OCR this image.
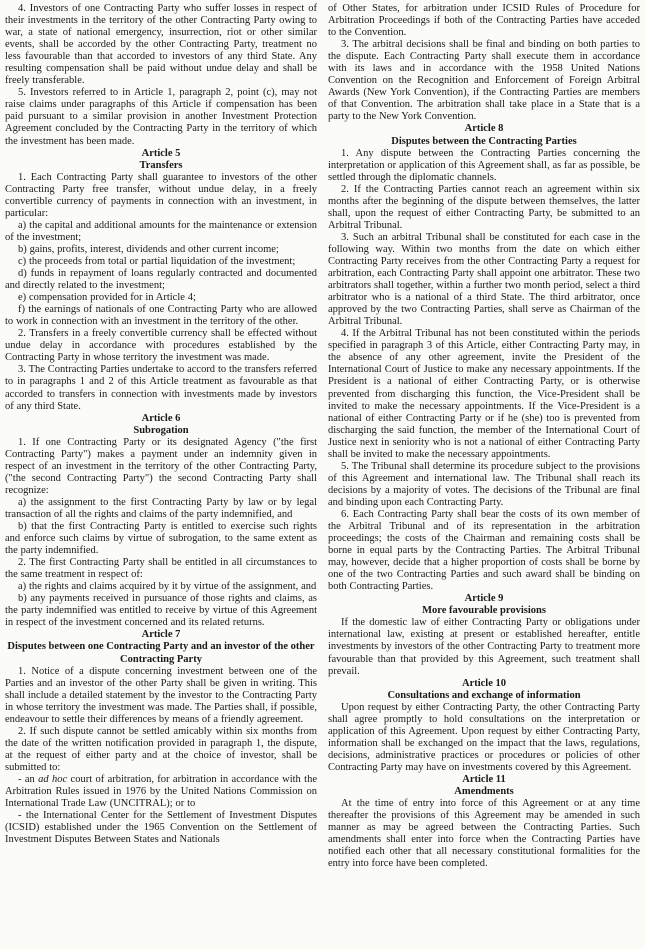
4. Investors of one Contracting Party who suffer losses in respect of their investments in the territory of the other Contracting Party owing to war, a state of national emergency, insurrection, riot or other similar events, shall be accorded by the other Contracting Party, treatment no less favourable than that accorded to investors of any third State. Any resulting compensation shall be paid without undue delay and shall be freely transferable.

5. Investors referred to in Article 1, paragraph 2, point (c), may not raise claims under paragraphs of this Article if compensation has been paid pursuant to a similar provision in another Investment Protection Agreement concluded by the Contracting Party in the territory of which the investment has been made.

Article 5
Transfers

1. Each Contracting Party shall guarantee to investors of the other Contracting Party free transfer, without undue delay, in a freely convertible currency of payments in connection with an investment, in particular:

a) the capital and additional amounts for the maintenance or extension of the investment;

b) gains, profits, interest, dividends and other current income;

c) the proceeds from total or partial liquidation of the investment;

d) funds in repayment of loans regularly contracted and documented and directly related to the investment;

e) compensation provided for in Article 4;

f) the earnings of nationals of one Contracting Party who are allowed to work in connection with an investment in the territory of the other.

2. Transfers in a freely convertible currency shall be effected without undue delay in accordance with procedures established by the Contracting Party in whose territory the investment was made.

3. The Contracting Parties undertake to accord to the transfers referred to in paragraphs 1 and 2 of this Article treatment as favourable as that accorded to transfers in connection with investments made by investors of any third State.

Article 6
Subrogation

1. If one Contracting Party or its designated Agency ("the first Contracting Party") makes a payment under an indemnity given in respect of an investment in the territory of the other Contracting Party, ("the second Contracting Party") the second Contracting Party shall recognize:

a) the assignment to the first Contracting Party by law or by legal transaction of all the rights and claims of the party indemnified, and

b) that the first Contracting Party is entitled to exercise such rights and enforce such claims by virtue of subrogation, to the same extent as the party indemnified.

2. The first Contracting Party shall be entitled in all circumstances to the same treatment in respect of:

a) the rights and claims acquired by it by virtue of the assignment, and

b) any payments received in pursuance of those rights and claims, as the party indemnified was entitled to receive by virtue of this Agreement in respect of the investment concerned and its related returns.

Article 7
Disputes between one Contracting Party and an investor of the other Contracting Party

1. Notice of a dispute concerning investment between one of the Parties and an investor of the other Party shall be given in writing. This shall include a detailed statement by the investor to the Contracting Party in whose territory the investment was made. The Parties shall, if possible, endeavour to settle their differences by means of a friendly agreement.

2. If such dispute cannot be settled amicably within six months from the date of the written notification provided in paragraph 1, the dispute, at the request of either party and at the choice of investor, shall be submitted to:

- an ad hoc court of arbitration, for arbitration in accordance with the Arbitration Rules issued in 1976 by the United Nations Commission on International Trade Law (UNCITRAL); or to

- the International Center for the Settlement of Investment Disputes (ICSID) established under the 1965 Convention on the Settlement of Investment Disputes Between States and Nationals

of Other States, for arbitration under ICSID Rules of Procedure for Arbitration Proceedings if both of the Contracting Parties have acceded to the Convention.

3. The arbitral decisions shall be final and binding on both parties to the dispute. Each Contracting Party shall execute them in accordance with its laws and in accordance with the 1958 United Nations Convention on the Recognition and Enforcement of Foreign Arbitral Awards (New York Convention), if the Contracting Parties are members of that Convention. The arbitration shall take place in a State that is a party to the New York Convention.

Article 8
Disputes between the Contracting Parties

1. Any dispute between the Contracting Parties concerning the interpretation or application of this Agreement shall, as far as possible, be settled through the diplomatic channels.

2. If the Contracting Parties cannot reach an agreement within six months after the beginning of the dispute between themselves, the latter shall, upon the request of either Contracting Party, be submitted to an Arbitral Tribunal.

3. Such an arbitral Tribunal shall be constituted for each case in the following way. Within two months from the date on which either Contracting Party receives from the other Contracting Party a request for arbitration, each Contracting Party shall appoint one arbitrator. These two arbitrators shall together, within a further two month period, select a third arbitrator who is a national of a third State. The third arbitrator, once approved by the two Contracting Parties, shall serve as Chairman of the Arbitral Tribunal.

4. If the Arbitral Tribunal has not been constituted within the periods specified in paragraph 3 of this Article, either Contracting Party may, in the absence of any other agreement, invite the President of the International Court of Justice to make any necessary appointments. If the President is a national of either Contracting Party, or is otherwise prevented from discharging this function, the Vice-President shall be invited to make the necessary appointments. If the Vice-President is a national of either Contracting Party or if he (she) too is prevented from discharging the said function, the member of the International Court of Justice next in seniority who is not a national of either Contracting Party shall be invited to make the necessary appointments.

5. The Tribunal shall determine its procedure subject to the provisions of this Agreement and international law. The Tribunal shall reach its decisions by a majority of votes. The decisions of the Tribunal are final and binding upon each Contracting Party.

6. Each Contracting Party shall bear the costs of its own member of the Arbitral Tribunal and of its representation in the arbitration proceedings; the costs of the Chairman and remaining costs shall be borne in equal parts by the Contracting Parties. The Arbitral Tribunal may, however, decide that a higher proportion of costs shall be borne by one of the two Contracting Parties and such award shall be binding on both Contracting Parties.

Article 9
More favourable provisions

If the domestic law of either Contracting Party or obligations under international law, existing at present or established hereafter, entitle investments by investors of the other Contracting Party to treatment more favourable than that provided by this Agreement, such treatment shall prevail.

Article 10
Consultations and exchange of information

Upon request by either Contracting Party, the other Contracting Party shall agree promptly to hold consultations on the interpretation or application of this Agreement. Upon request by either Contracting Party, information shall be exchanged on the impact that the laws, regulations, decisions, administrative practices or procedures or policies of other Contracting Party may have on investments covered by this Agreement.

Article 11
Amendments

At the time of entry into force of this Agreement or at any time thereafter the provisions of this Agreement may be amended in such manner as may be agreed between the Contracting Parties. Such amendments shall enter into force when the Contracting Parties have notified each other that all necessary constitutional formalities for the entry into force have been completed.
